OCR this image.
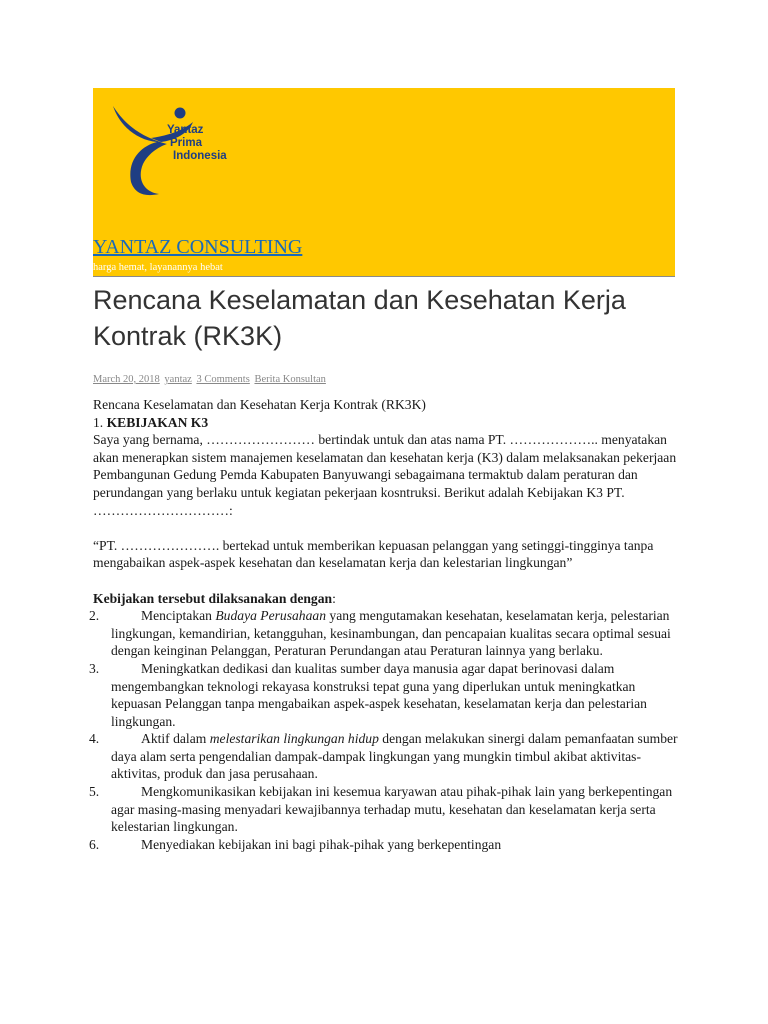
Yantaz
Prima
Indonesia
YANTAZ CONSULTING
harga hemat, layanannya hebat
Rencana Keselamatan dan Kesehatan Kerja Kontrak (RK3K)
March 20, 2018 yantaz 3 Comments Berita Konsultan

Rencana Keselamatan dan Kesehatan Kerja Kontrak (RK3K)

1. KEBIJAKAN K3

Saya yang bernama, …………………… bertindak untuk dan atas nama PT. ……………….. menyatakan akan menerapkan sistem manajemen keselamatan dan kesehatan kerja (K3) dalam melaksanakan pekerjaan Pembangunan Gedung Pemda Kabupaten Banyuwangi sebagaimana termaktub dalam peraturan dan perundangan yang berlaku untuk kegiatan pekerjaan kosntruksi. Berikut adalah Kebijakan K3 PT. …………………………:

“PT. …………………. bertekad untuk memberikan kepuasan pelanggan yang setinggi-tingginya tanpa mengabaikan aspek-aspek kesehatan dan keselamatan kerja dan kelestarian lingkungan”

Kebijakan tersebut dilaksanakan dengan:

2.	Menciptakan Budaya Perusahaan yang mengutamakan kesehatan, keselamatan kerja, pelestarian lingkungan, kemandirian, ketangguhan, kesinambungan, dan pencapaian kualitas secara optimal sesuai dengan keinginan Pelanggan, Peraturan Perundangan atau Peraturan lainnya yang berlaku.
3.	Meningkatkan dedikasi dan kualitas sumber daya manusia agar dapat berinovasi dalam mengembangkan teknologi rekayasa konstruksi tepat guna yang diperlukan untuk meningkatkan kepuasan Pelanggan tanpa mengabaikan aspek-aspek kesehatan, keselamatan kerja dan pelestarian lingkungan.
4.	Aktif dalam melestarikan lingkungan hidup dengan melakukan sinergi dalam pemanfaatan sumber daya alam serta pengendalian dampak-dampak lingkungan yang mungkin timbul akibat aktivitas-aktivitas, produk dan jasa perusahaan.
5.	Mengkomunikasikan kebijakan ini kesemua karyawan atau pihak-pihak lain yang berkepentingan agar masing-masing menyadari kewajibannya terhadap mutu, kesehatan dan keselamatan kerja serta kelestarian lingkungan.
6.	Menyediakan kebijakan ini bagi pihak-pihak yang berkepentingan
